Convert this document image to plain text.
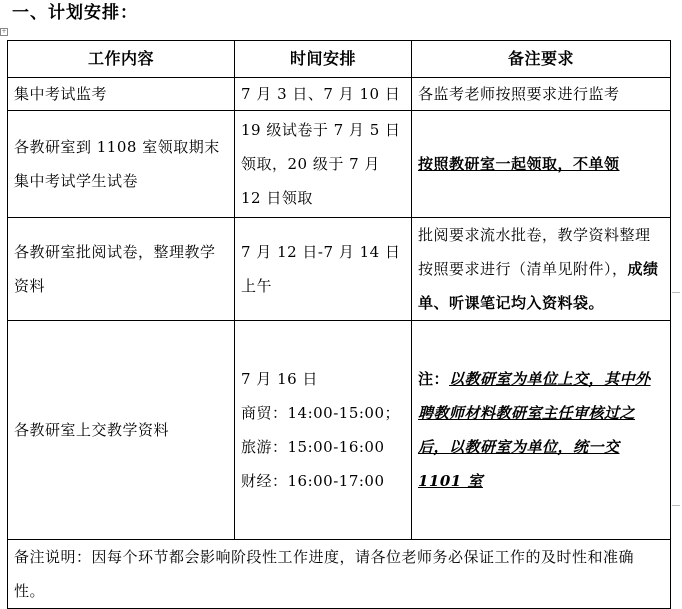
一、计划安排：
+
工作内容	时间安排	备注要求
集中考试监考	7 月 3 日、7 月 10 日	各监考老师按照要求进行监考
各教研室到 1108 室领取期末集中考试学生试卷	19 级试卷于 7 月 5 日领取，20 级于 7 月 12 日领取	按照教研室一起领取，不单领
各教研室批阅试卷，整理教学资料	7 月 12 日-7 月 14 日上午	批阅要求流水批卷，教学资料整理按照要求进行（清单见附件），成绩单、听课笔记均入资料袋。
各教研室上交教学资料	7 月 16 日
商贸：14:00-15:00；
旅游：15:00-16:00
财经：16:00-17:00	注：以教研室为单位上交，其中外聘教师材料教研室主任审核过之后，以教研室为单位，统一交 1101 室
备注说明：因每个环节都会影响阶段性工作进度，请各位老师务必保证工作的及时性和准确性。		
